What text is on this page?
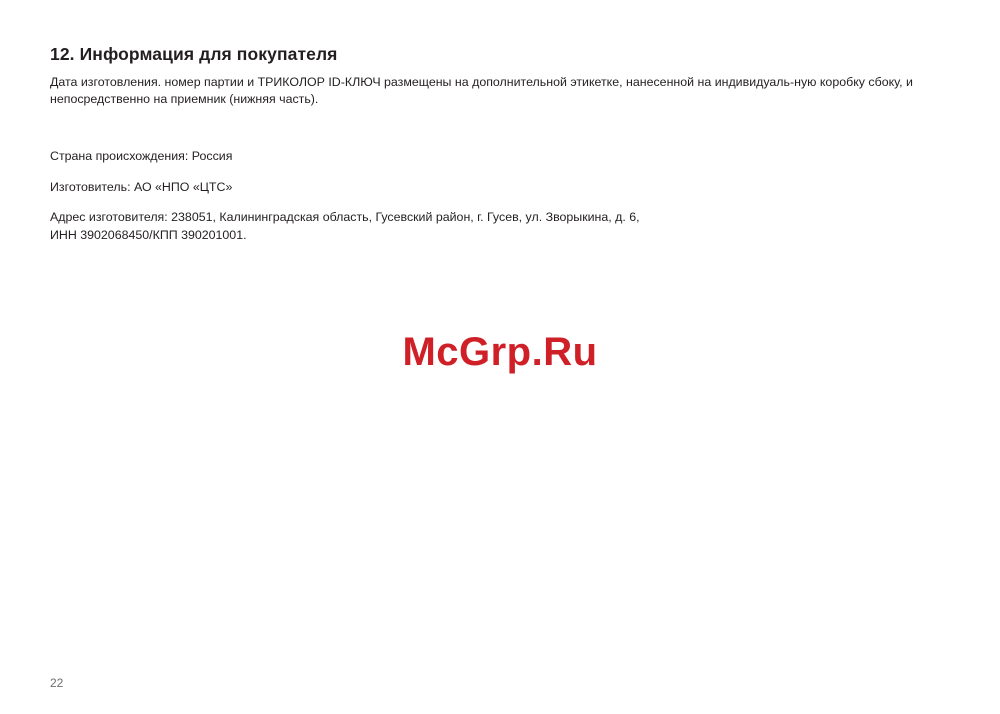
12. Информация для покупателя

Дата изготовления. номер партии и ТРИКОЛОР ID-КЛЮЧ размещены на дополнительной этикетке, нанесенной на индивидуаль-ную коробку сбоку, и непосредственно на приемник (нижняя часть).

Страна происхождения: Россия

Изготовитель: АО «НПО «ЦТС»

Адрес изготовителя: 238051, Калининградская область, Гусевский район, г. Гусев, ул. Зворыкина, д. 6,

ИНН 3902068450/КПП 390201001.

McGrp.Ru
22
